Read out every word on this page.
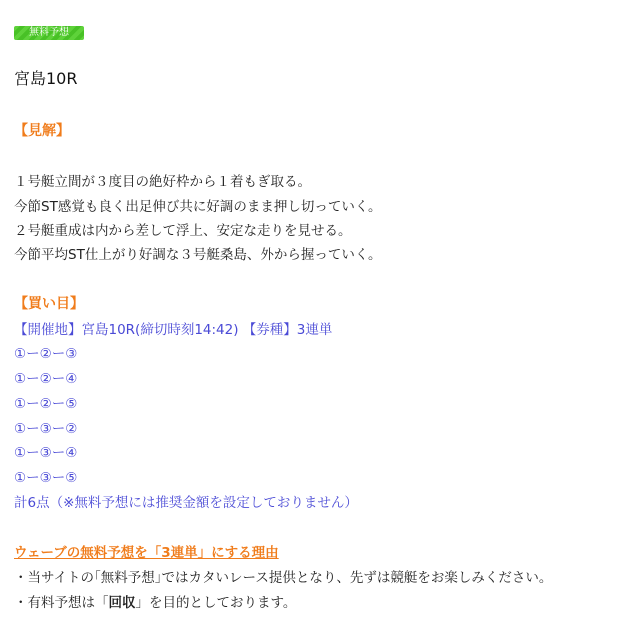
無料予想
宮島10R
【見解】
１号艇立間が３度目の絶好枠から１着もぎ取る。
今節ST感覚も良く出足伸び共に好調のまま押し切っていく。
２号艇重成は内から差して浮上、安定な走りを見せる。
今節平均ST仕上がり好調な３号艇桑島、外から握っていく。
【買い目】
【開催地】宮島10R(締切時刻14:42) 【券種】3連単
①ー②ー③
①ー②ー④
①ー②ー⑤
①ー③ー②
①ー③ー④
①ー③ー⑤
計6点（※無料予想には推奨金額を設定しておりません）
ウェーブの無料予想を「3連単」にする理由
・当サイトの｢無料予想｣ではカタいレース提供となり、先ずは競艇をお楽しみください。
・有料予想は「回収」を目的としております。
